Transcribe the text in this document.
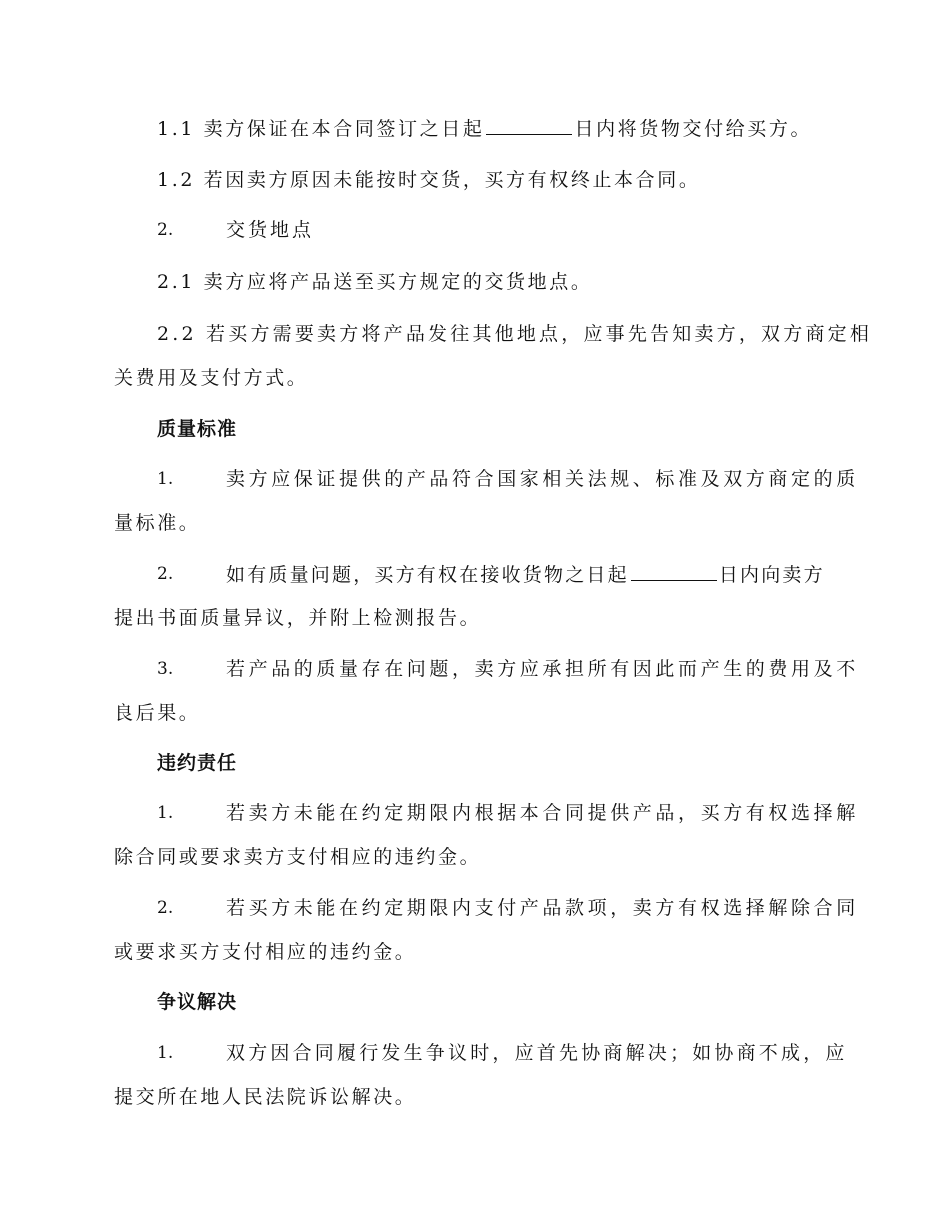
1.1 卖方保证在本合同签订之日起	日内将货物交付给买方。
1.2 若因卖方原因未能按时交货，买方有权终止本合同。
2.	交货地点
2.1 卖方应将产品送至买方规定的交货地点。
2.2 若买方需要卖方将产品发往其他地点，应事先告知卖方，双方商定相
关费用及支付方式。
质量标准
1.	卖方应保证提供的产品符合国家相关法规、标准及双方商定的质
量标准。
2.	如有质量问题，买方有权在接收货物之日起	日内向卖方
提出书面质量异议，并附上检测报告。
3.	若产品的质量存在问题，卖方应承担所有因此而产生的费用及不
良后果。
违约责任
1.	若卖方未能在约定期限内根据本合同提供产品，买方有权选择解
除合同或要求卖方支付相应的违约金。
2.	若买方未能在约定期限内支付产品款项，卖方有权选择解除合同
或要求买方支付相应的违约金。
争议解决
1.	双方因合同履行发生争议时，应首先协商解决；如协商不成，应
提交所在地人民法院诉讼解决。
